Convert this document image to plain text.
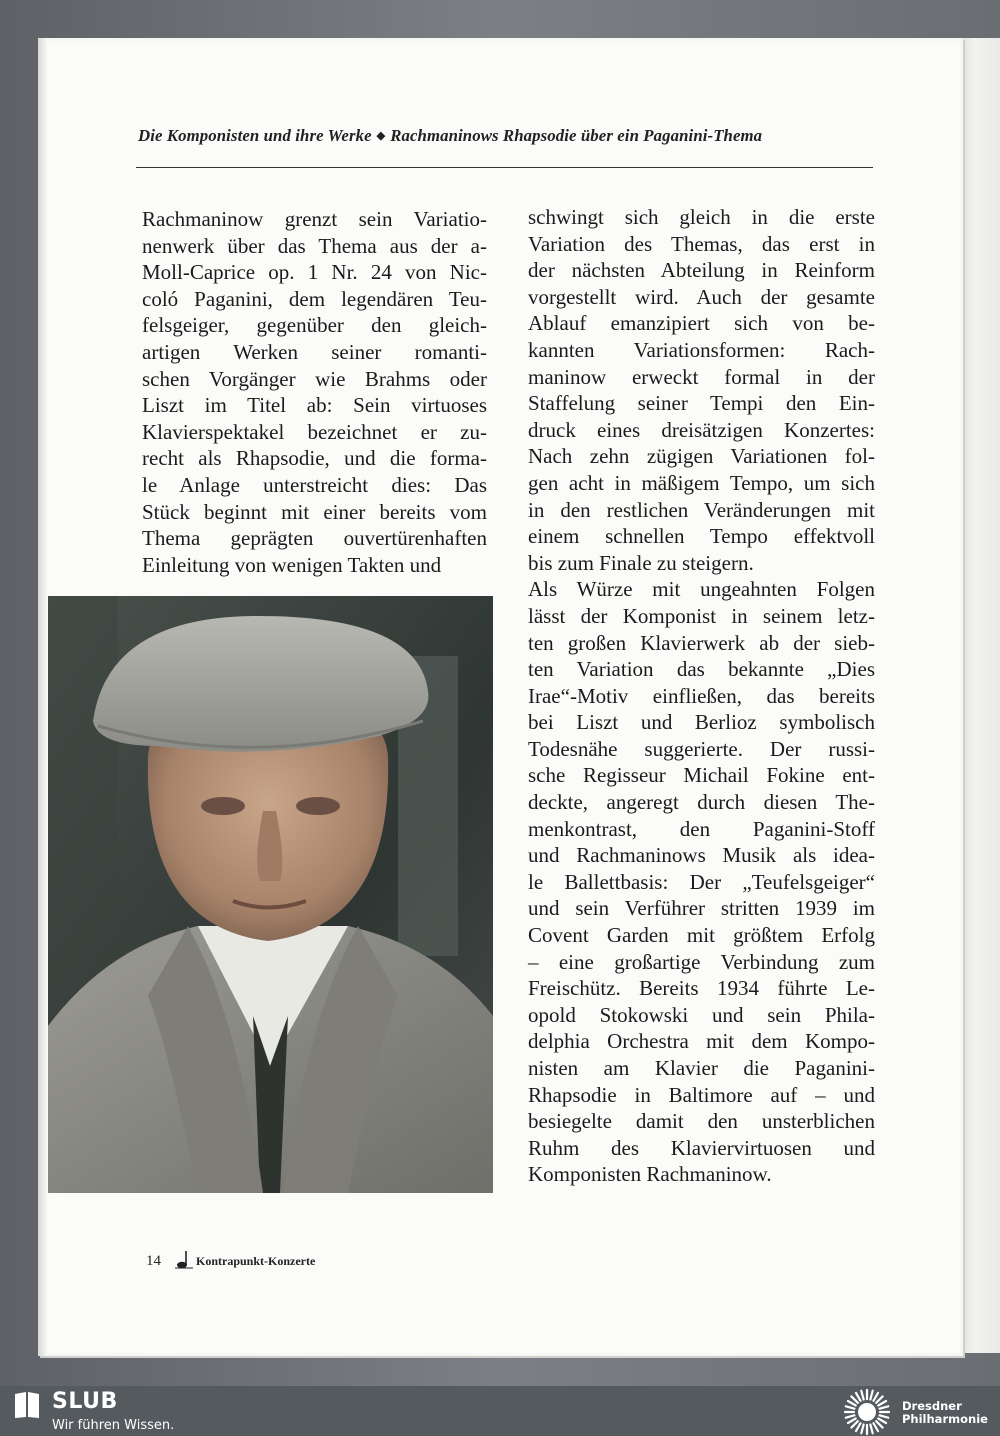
Die Komponisten und ihre Werke ◆ Rachmaninows Rhapsodie über ein Paganini-Thema
Rachmaninow grenzt sein Variatio-
nenwerk über das Thema aus der a-
Moll-Caprice op. 1 Nr. 24 von Nic-
coló Paganini, dem legendären Teu-
felsgeiger, gegenüber den gleich-
artigen Werken seiner romanti-
schen Vorgänger wie Brahms oder
Liszt im Titel ab: Sein virtuoses
Klavierspektakel bezeichnet er zu-
recht als Rhapsodie, und die forma-
le Anlage unterstreicht dies: Das
Stück beginnt mit einer bereits vom
Thema geprägten ouvertürenhaften
Einleitung von wenigen Takten und
schwingt sich gleich in die erste
Variation des Themas, das erst in
der nächsten Abteilung in Reinform
vorgestellt wird. Auch der gesamte
Ablauf emanzipiert sich von be-
kannten Variationsformen: Rach-
maninow erweckt formal in der
Staffelung seiner Tempi den Ein-
druck eines dreisätzigen Konzertes:
Nach zehn zügigen Variationen fol-
gen acht in mäßigem Tempo, um sich
in den restlichen Veränderungen mit
einem schnellen Tempo effektvoll
bis zum Finale zu steigern.
Als Würze mit ungeahnten Folgen
lässt der Komponist in seinem letz-
ten großen Klavierwerk ab der sieb-
ten Variation das bekannte „Dies
Irae“-Motiv einfließen, das bereits
bei Liszt und Berlioz symbolisch
Todesnähe suggerierte. Der russi-
sche Regisseur Michail Fokine ent-
deckte, angeregt durch diesen The-
menkontrast, den Paganini-Stoff
und Rachmaninows Musik als idea-
le Ballettbasis: Der „Teufelsgeiger“
und sein Verführer stritten 1939 im
Covent Garden mit größtem Erfolg
– eine großartige Verbindung zum
Freischütz. Bereits 1934 führte Le-
opold Stokowski und sein Phila-
delphia Orchestra mit dem Kompo-
nisten am Klavier die Paganini-
Rhapsodie in Baltimore auf – und
besiegelte damit den unsterblichen
Ruhm des Klaviervirtuosen und
Komponisten Rachmaninow.
14	Kontrapunkt-Konzerte
SLUB
Wir führen Wissen.
Dresdner
Philharmonie
